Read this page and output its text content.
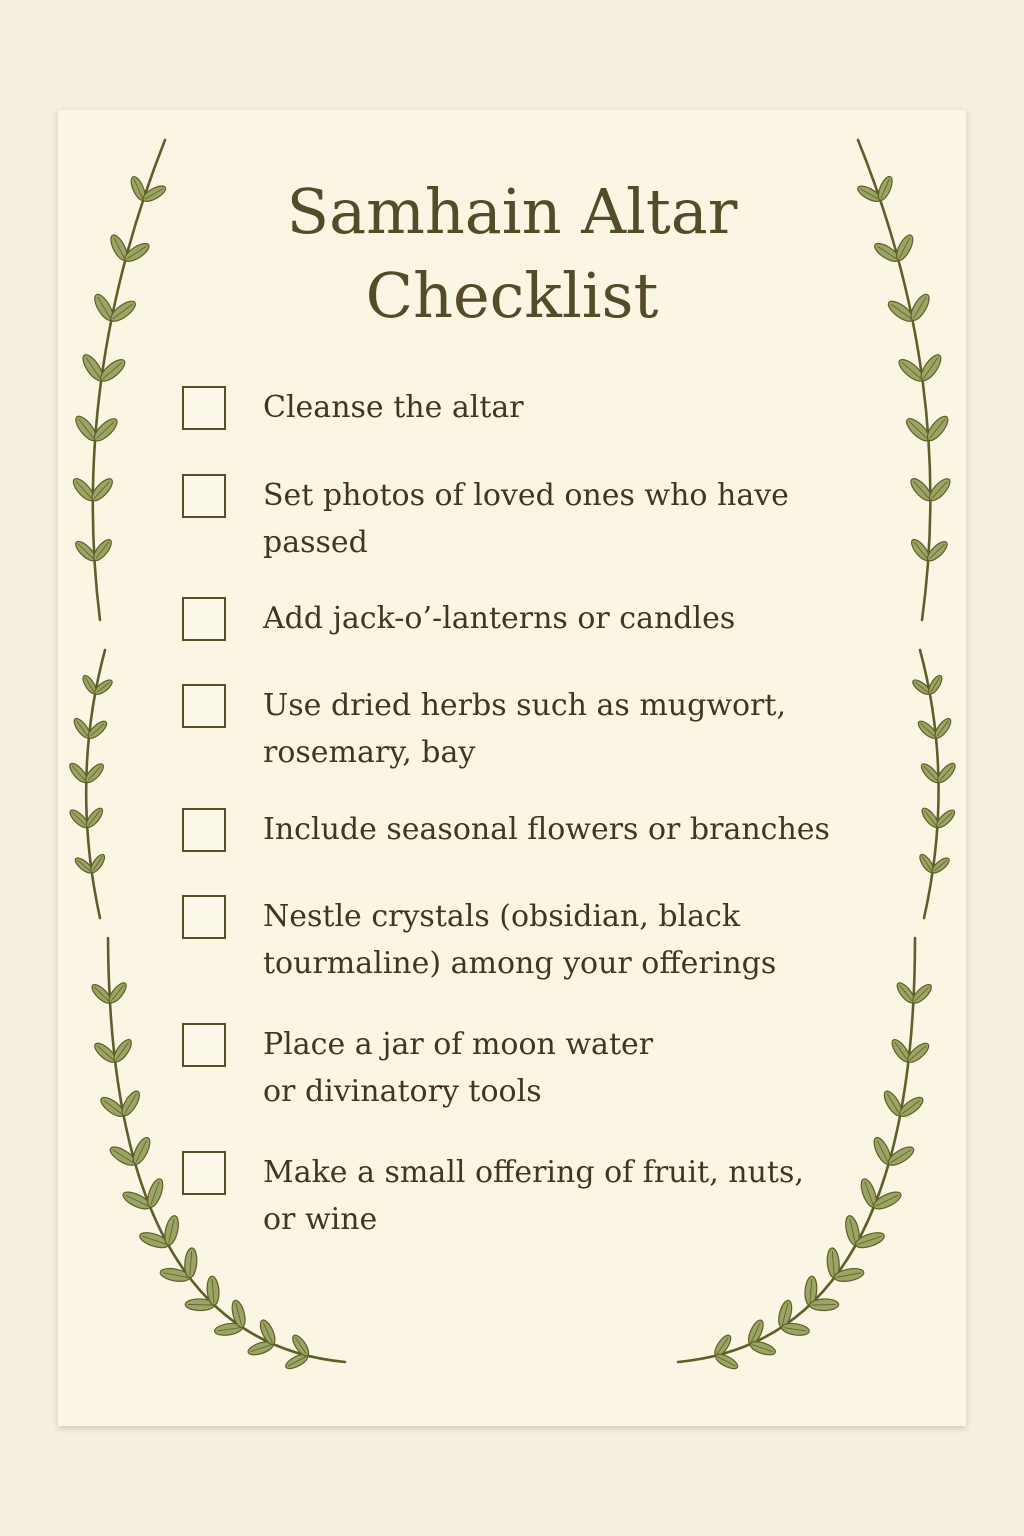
Samhain Altar
Checklist
Cleanse the altar
Set photos of loved ones who have
passed
Add jack-o’-lanterns or candles
Use dried herbs such as mugwort,
rosemary, bay
Include seasonal flowers or branches
Nestle crystals (obsidian, black
tourmaline) among your offerings
Place a jar of moon water
or divinatory tools
Make a small offering of fruit, nuts,
or wine
